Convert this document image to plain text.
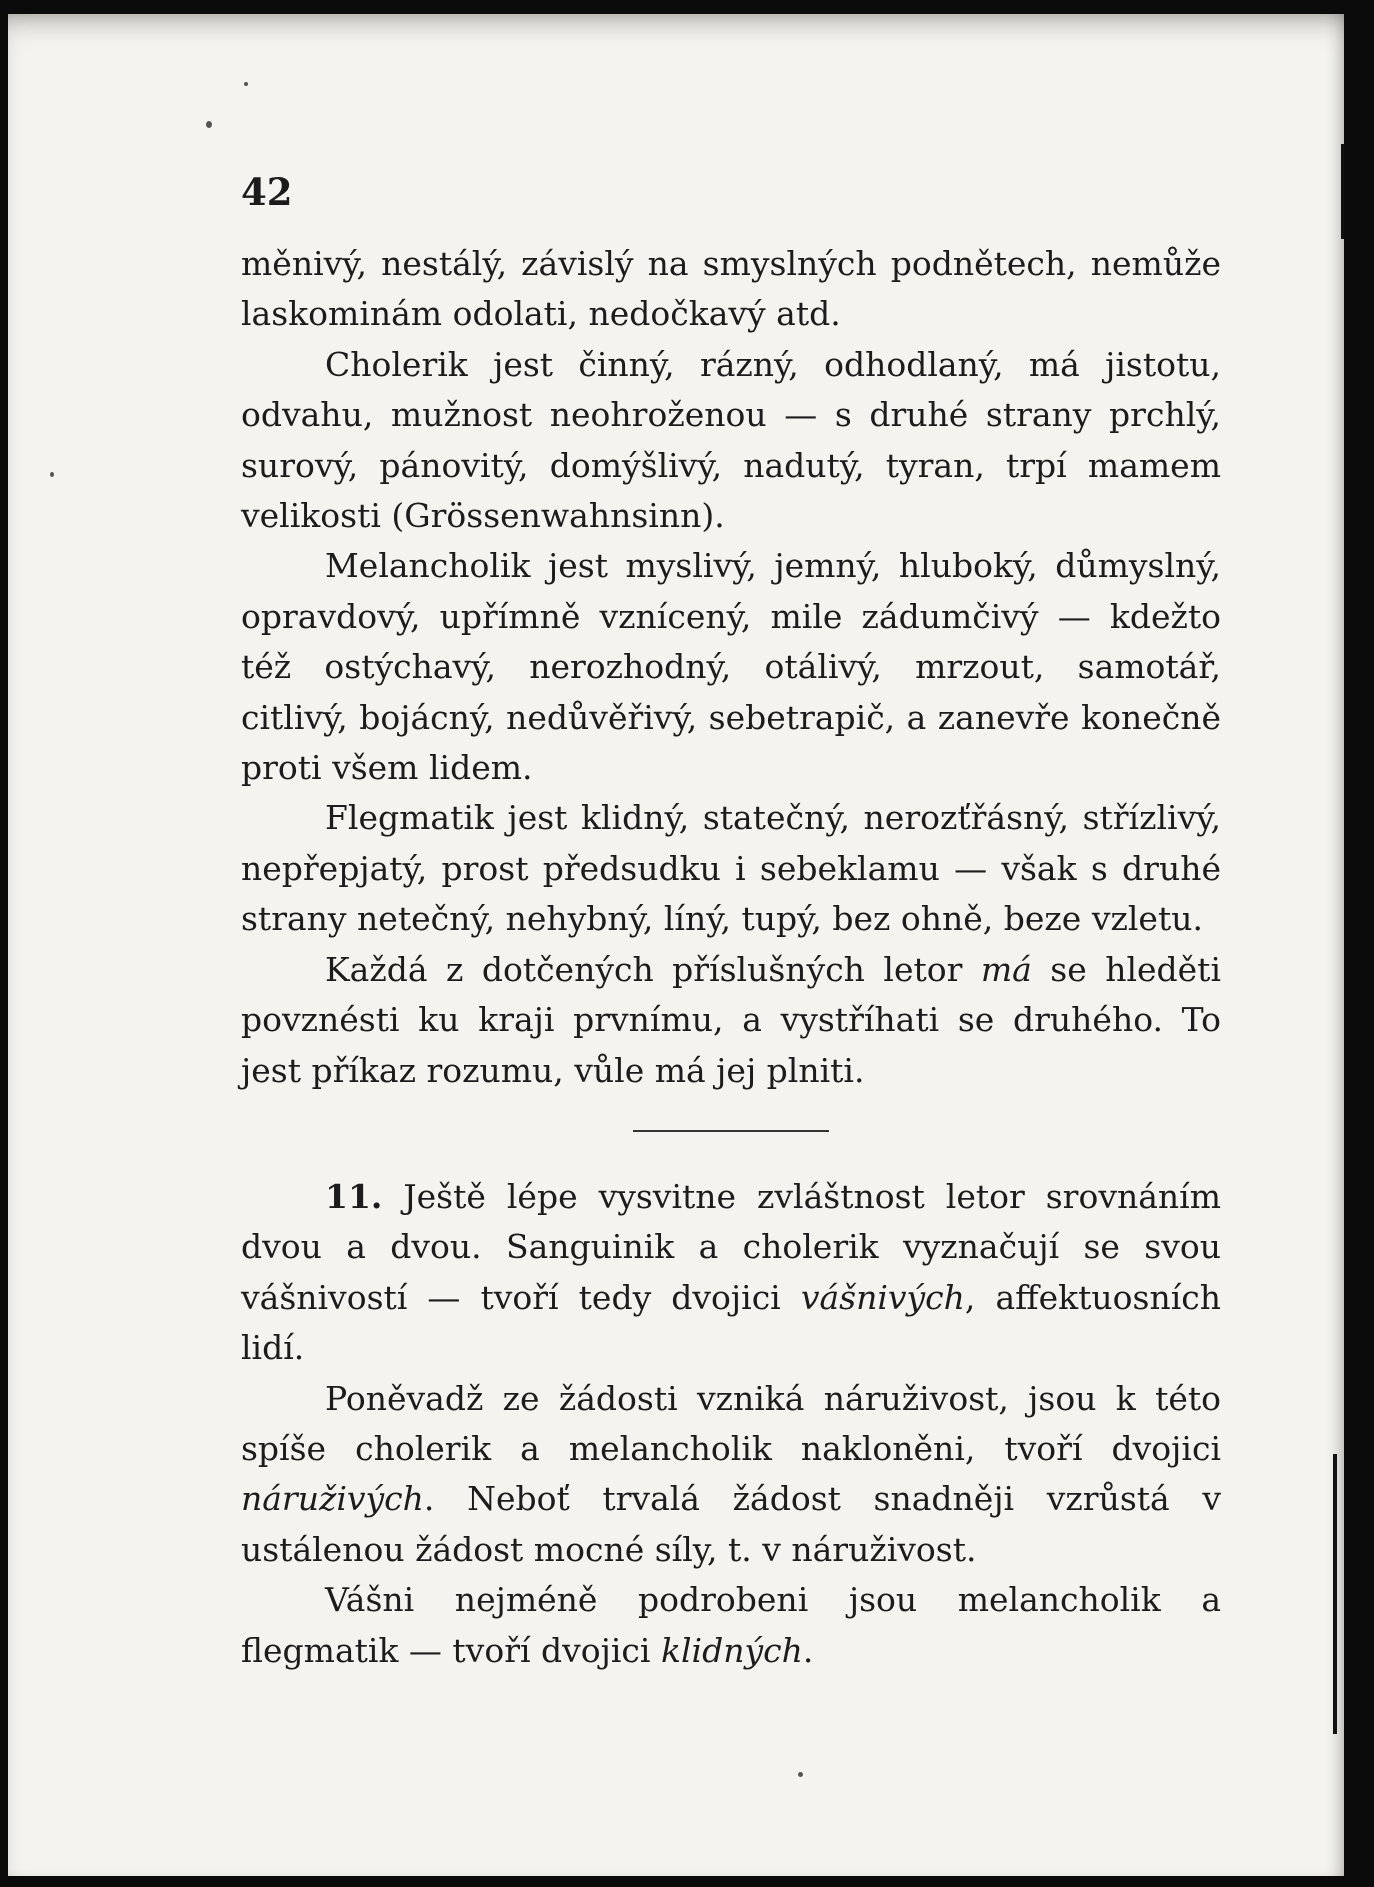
42

měnivý, nestálý, závislý na smyslných podnětech, nemůže laskominám odolati, nedočkavý atd.

Cholerik jest činný, rázný, odhodlaný, má jistotu, odvahu, mužnost neohroženou — s druhé strany prchlý, surový, pánovitý, domýšlivý, nadutý, tyran, trpí mamem velikosti (Grössenwahnsinn).

Melancholik jest myslivý, jemný, hluboký, důmyslný, opravdový, upřímně vznícený, mile zádumčivý — kdežto též ostýchavý, nerozhodný, otálivý, mrzout, samotář, citlivý, bojácný, nedůvěřivý, sebetrapič, a zanevře konečně proti všem lidem.

Flegmatik jest klidný, statečný, nerozťřásný, střízlivý, nepřepjatý, prost předsudku i sebeklamu — však s druhé strany netečný, nehybný, líný, tupý, bez ohně, beze vzletu.

Každá z dotčených příslušných letor má se hleděti povznésti ku kraji prvnímu, a vystříhati se druhého. To jest příkaz rozumu, vůle má jej plniti.

11. Ještě lépe vysvitne zvláštnost letor srovnáním dvou a dvou. Sanguinik a cholerik vyznačují se svou vášnivostí — tvoří tedy dvojici vášnivých, affektuosních lidí.

Poněvadž ze žádosti vzniká náruživost, jsou k této spíše cholerik a melancholik nakloněni, tvoří dvojici náruživých. Neboť trvalá žádost snadněji vzrůstá v ustálenou žádost mocné síly, t. v náruživost.

Vášni nejméně podrobeni jsou melancholik a flegmatik — tvoří dvojici klidných.
